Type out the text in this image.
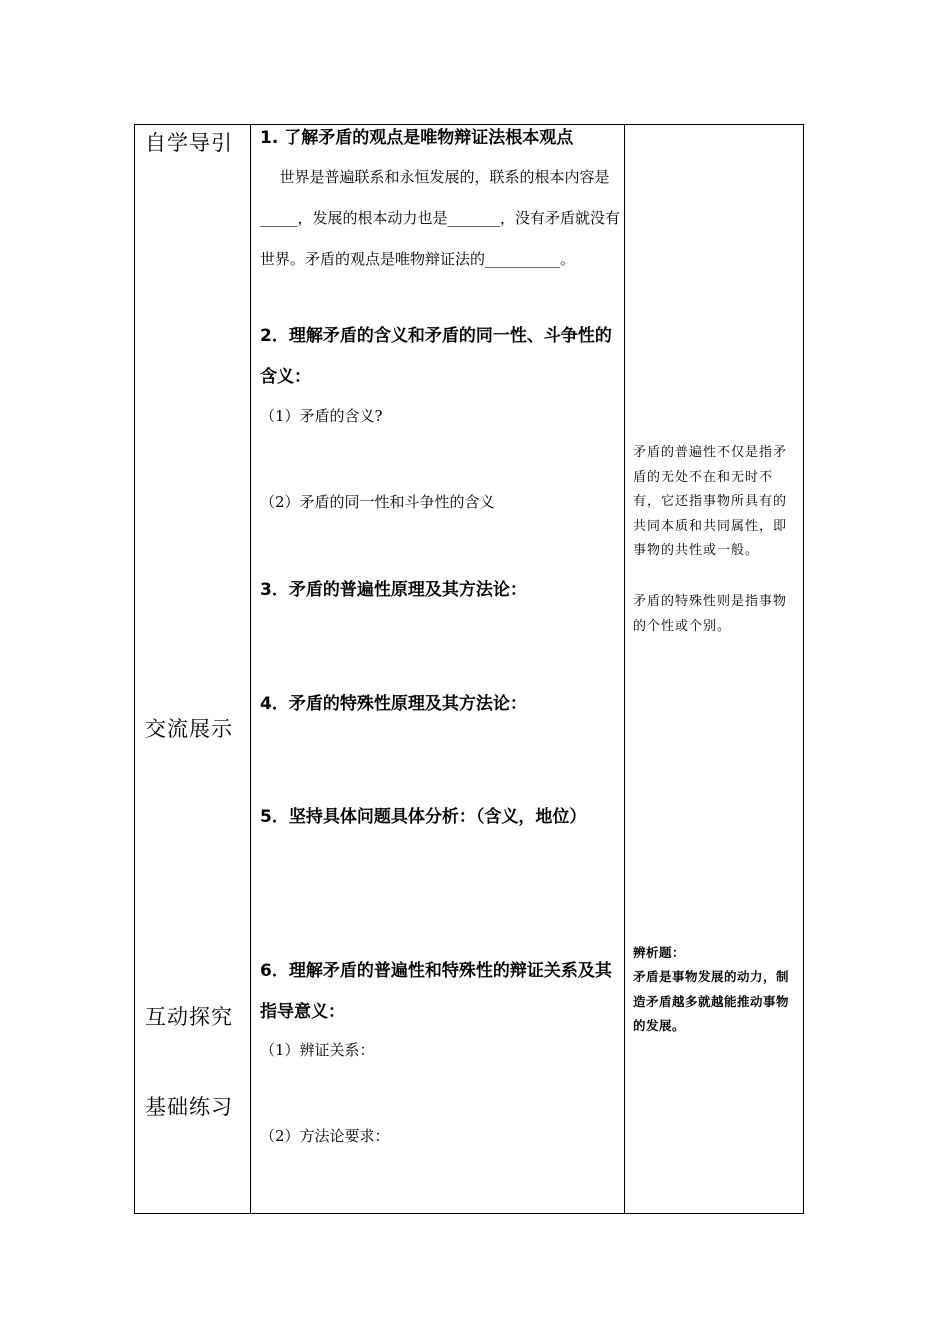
自学导引
交流展示
互动探究
基础练习
1. 了解矛盾的观点是唯物辩证法根本观点
世界是普遍联系和永恒发展的，联系的根本内容是_____，发展的根本动力也是_______，没有矛盾就没有世界。矛盾的观点是唯物辩证法的__________。
2．理解矛盾的含义和矛盾的同一性、斗争性的含义：
（1）矛盾的含义?
（2）矛盾的同一性和斗争性的含义
3．矛盾的普遍性原理及其方法论：
4．矛盾的特殊性原理及其方法论：
5．坚持具体问题具体分析：（含义，地位）
6．理解矛盾的普遍性和特殊性的辩证关系及其指导意义：
（1）辨证关系：
（2）方法论要求：
矛盾的普遍性不仅是指矛盾的无处不在和无时不有，它还指事物所具有的共同本质和共同属性，即事物的共性或一般。
矛盾的特殊性则是指事物的个性或个别。
辨析题：
矛盾是事物发展的动力，制造矛盾越多就越能推动事物的发展。
